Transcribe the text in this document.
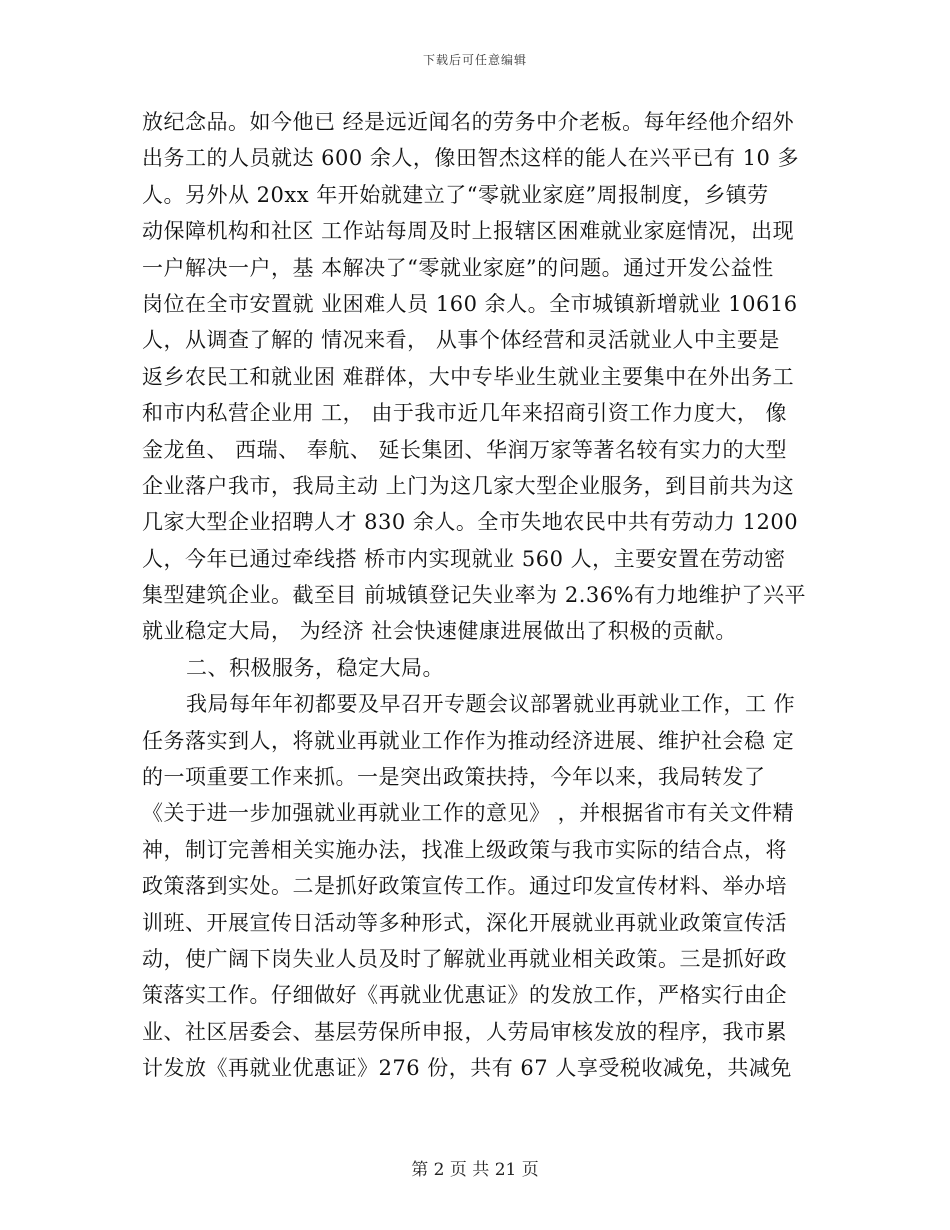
下载后可任意编辑
放纪念品。如今他已 经是远近闻名的劳务中介老板。每年经他介绍外
出务工的人员就达 600 余人，像田智杰这样的能人在兴平已有 10 多
人。另外从 20xx 年开始就建立了“零就业家庭”周报制度，乡镇劳
动保障机构和社区 工作站每周及时上报辖区困难就业家庭情况，出现
一户解决一户，基 本解决了“零就业家庭”的问题。通过开发公益性
岗位在全市安置就 业困难人员 160 余人。全市城镇新增就业 10616
人，从调查了解的 情况来看， 从事个体经营和灵活就业人中主要是
返乡农民工和就业困 难群体，大中专毕业生就业主要集中在外出务工
和市内私营企业用 工， 由于我市近几年来招商引资工作力度大， 像
金龙鱼、 西瑞、 奉航、 延长集团、华润万家等著名较有实力的大型
企业落户我市，我局主动 上门为这几家大型企业服务，到目前共为这
几家大型企业招聘人才 830 余人。全市失地农民中共有劳动力 1200
人，今年已通过牵线搭 桥市内实现就业 560 人，主要安置在劳动密
集型建筑企业。截至目 前城镇登记失业率为 2.36%有力地维护了兴平
就业稳定大局， 为经济 社会快速健康进展做出了积极的贡献。
二、积极服务，稳定大局。
我局每年年初都要及早召开专题会议部署就业再就业工作，工 作
任务落实到人，将就业再就业工作作为推动经济进展、维护社会稳 定
的一项重要工作来抓。一是突出政策扶持，今年以来，我局转发了
《关于进一步加强就业再就业工作的意见》 ，并根据省市有关文件精
神，制订完善相关实施办法，找准上级政策与我市实际的结合点，将
政策落到实处。二是抓好政策宣传工作。通过印发宣传材料、举办培
训班、开展宣传日活动等多种形式，深化开展就业再就业政策宣传活
动，使广阔下岗失业人员及时了解就业再就业相关政策。三是抓好政
策落实工作。仔细做好《再就业优惠证》的发放工作，严格实行由企
业、社区居委会、基层劳保所申报，人劳局审核发放的程序，我市累
计发放《再就业优惠证》276 份，共有 67 人享受税收减免，共减免
第 2 页 共 21 页
